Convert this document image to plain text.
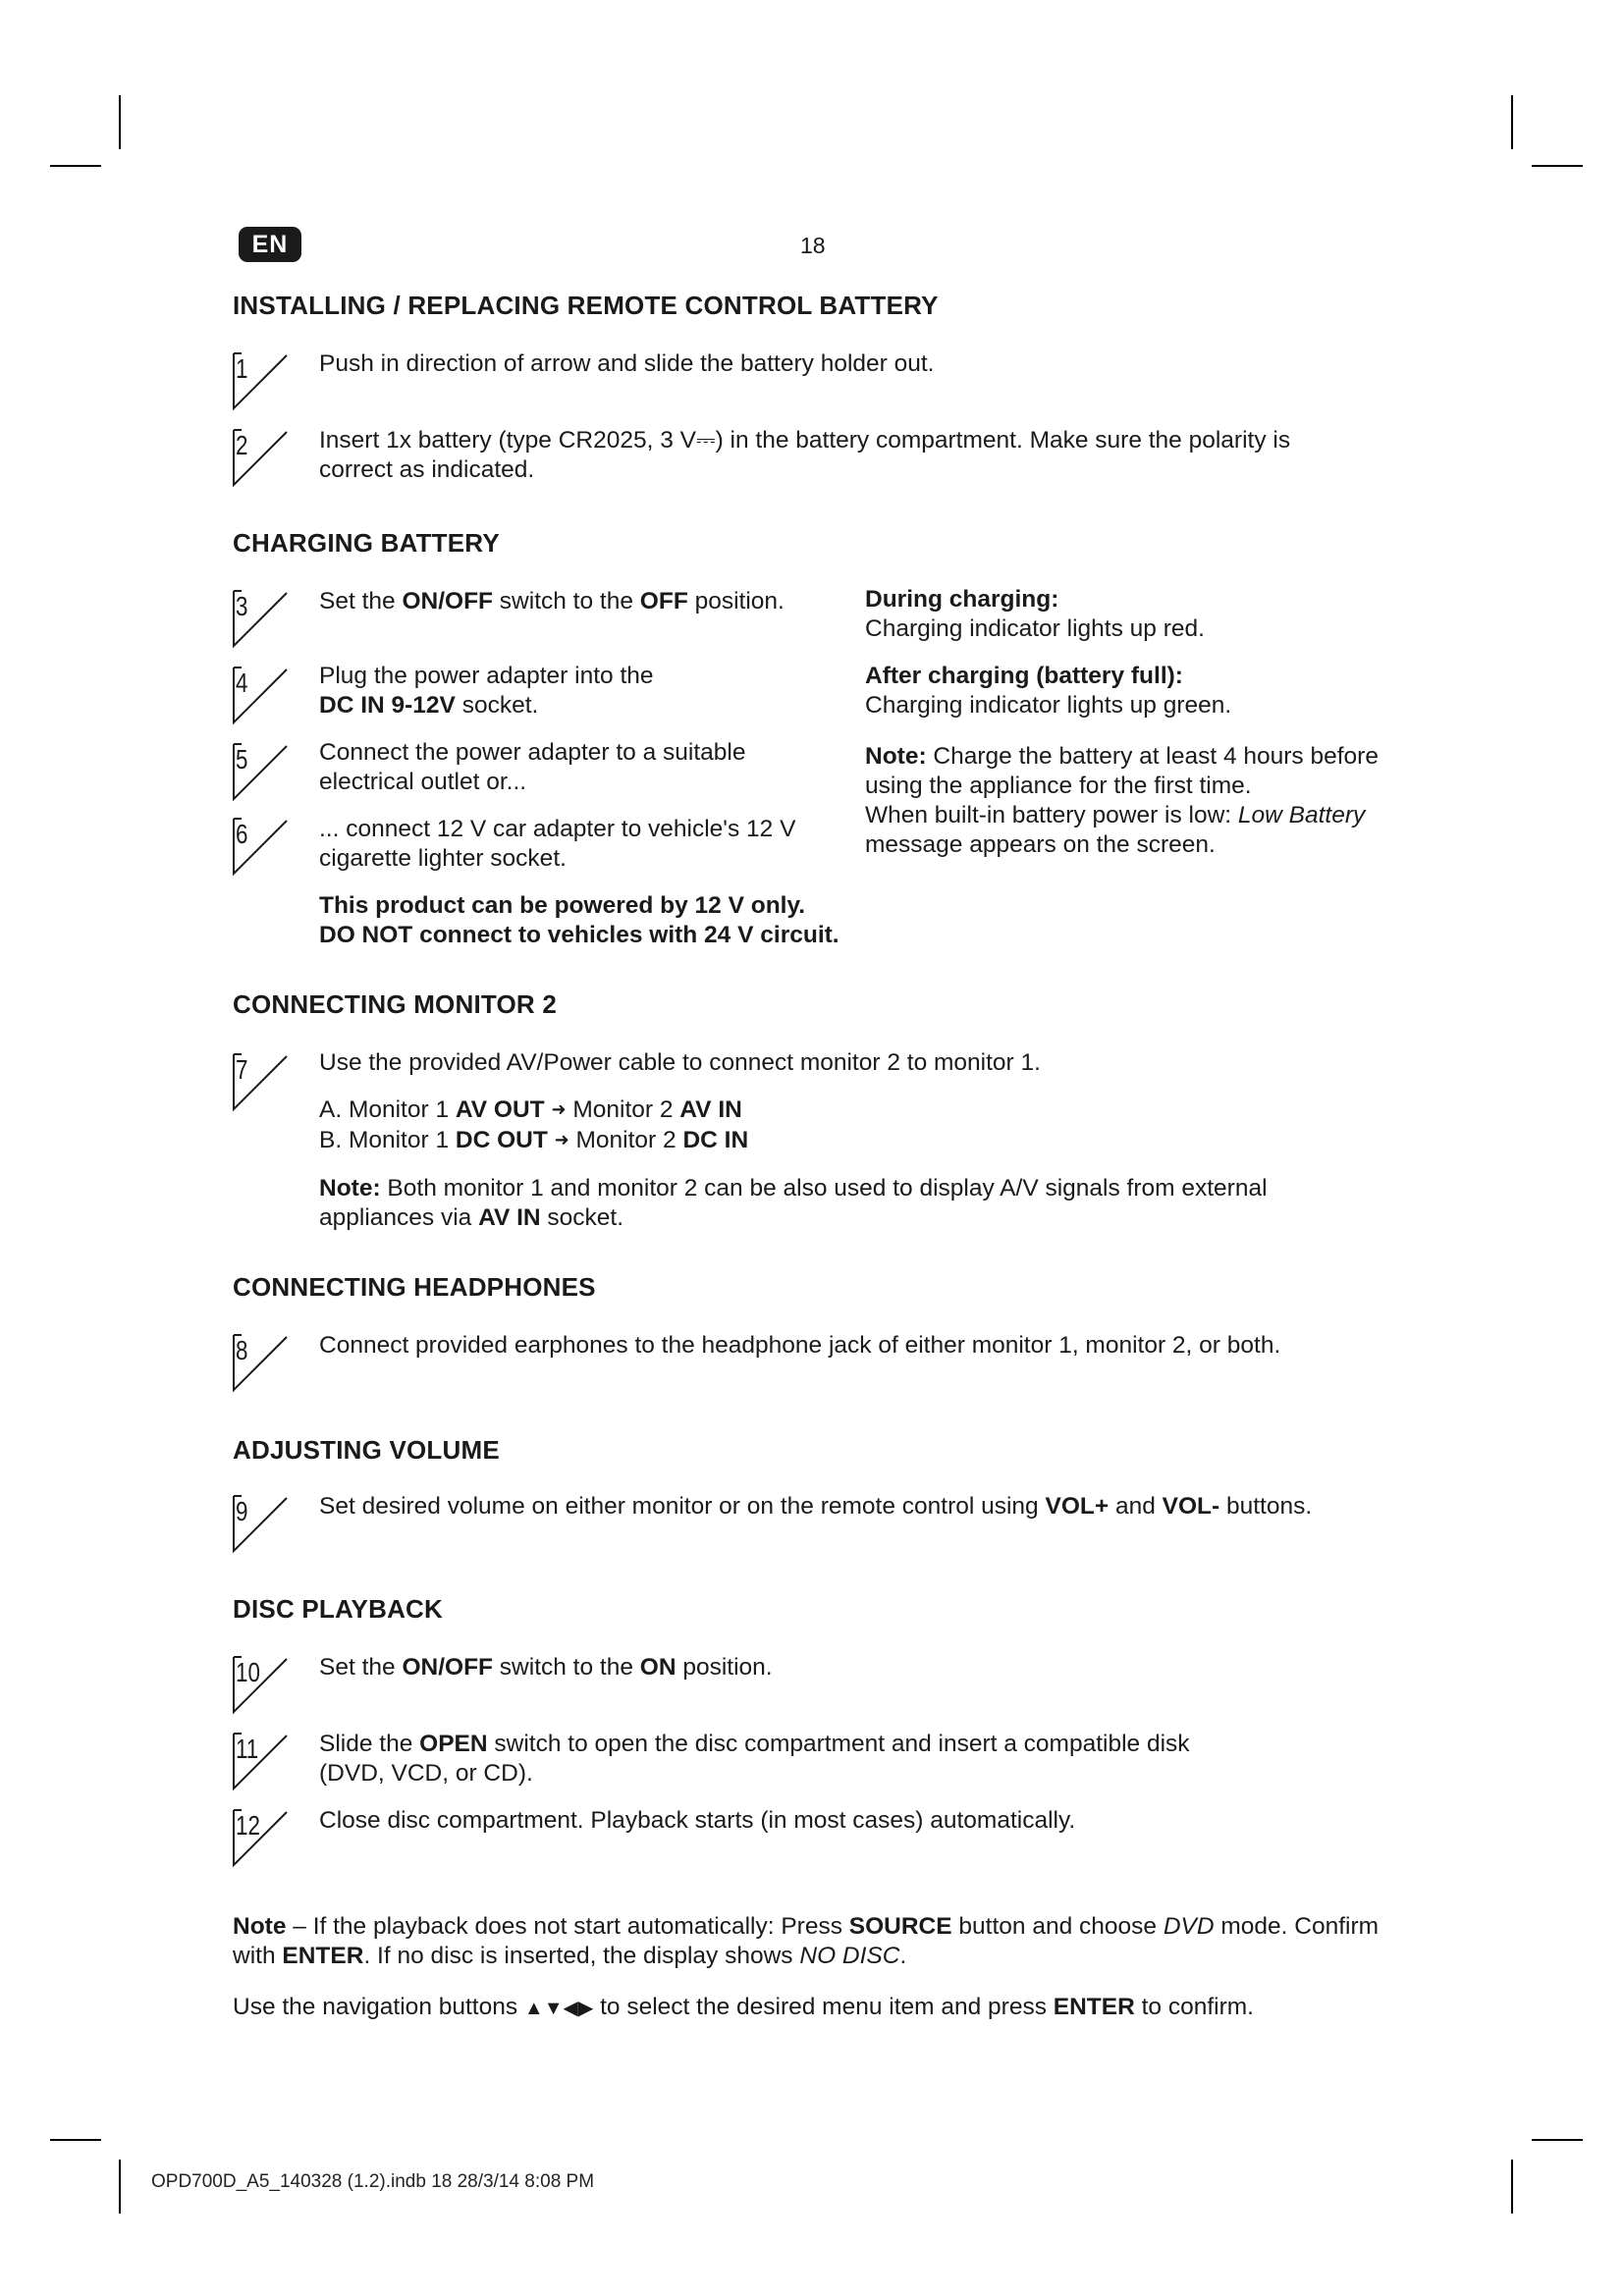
EN	18
INSTALLING / REPLACING REMOTE CONTROL BATTERY
1	Push in direction of arrow and slide the battery holder out.
2	Insert 1x battery (type CR2025, 3 V⎓) in the battery compartment. Make sure the polarity is
correct as indicated.
CHARGING BATTERY
3	Set the ON/OFF switch to the OFF position.
4	Plug the power adapter into the
DC IN 9-12V socket.
5	Connect the power adapter to a suitable
electrical outlet or...
6	... connect 12 V car adapter to vehicle's 12 V
cigarette lighter socket.
This product can be powered by 12 V only.
DO NOT connect to vehicles with 24 V circuit.
During charging:
Charging indicator lights up red.
After charging (battery full):
Charging indicator lights up green.
Note: Charge the battery at least 4 hours before
using the appliance for the first time.
When built-in battery power is low: Low Battery
message appears on the screen.
CONNECTING MONITOR 2
7	Use the provided AV/Power cable to connect monitor 2 to monitor 1.
A. Monitor 1 AV OUT ➜ Monitor 2 AV IN
B. Monitor 1 DC OUT ➜ Monitor 2 DC IN
Note: Both monitor 1 and monitor 2 can be also used to display A/V signals from external
appliances via AV IN socket.
CONNECTING HEADPHONES
8	Connect provided earphones to the headphone jack of either monitor 1, monitor 2, or both.
ADJUSTING VOLUME
9	Set desired volume on either monitor or on the remote control using VOL+ and VOL- buttons.
DISC PLAYBACK
10 Set the ON/OFF switch to the ON position.
11	Slide the OPEN switch to open the disc compartment and insert a compatible disk
(DVD, VCD, or CD).
12 Close disc compartment. Playback starts (in most cases) automatically.
Note – If the playback does not start automatically: Press SOURCE button and choose DVD mode. Confirm
with ENTER. If no disc is inserted, the display shows NO DISC.
Use the navigation buttons ▲▼◀▶ to select the desired menu item and press ENTER to confirm.
OPD700D_A5_140328 (1.2).indb 18 28/3/14 8:08 PM
